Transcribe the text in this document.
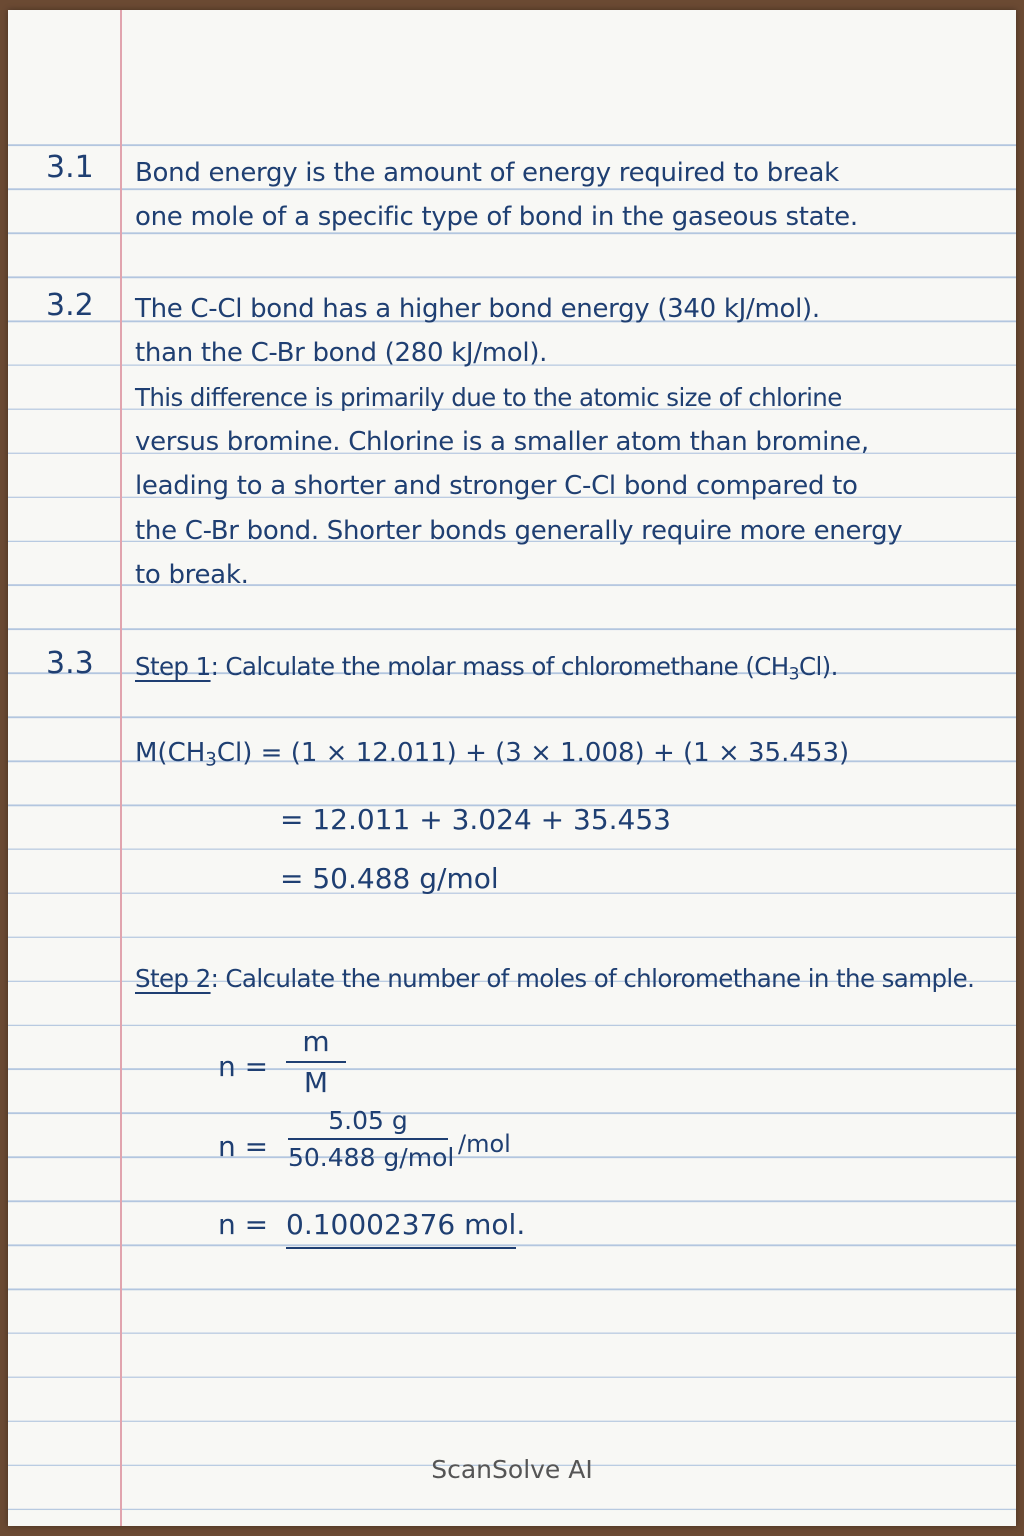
3.1 Bond energy is the amount of energy required to break
one mole of a specific type of bond in the gaseous state.
3.2 The C-Cl bond has a higher bond energy (340 kJ/mol).
than the C-Br bond (280 kJ/mol).
This difference is primarily due to the atomic size of chlorine
versus bromine. Chlorine is a smaller atom than bromine,
leading to a shorter and stronger C-Cl bond compared to
the C-Br bond. Shorter bonds generally require more energy
to break.
3.3 Step 1: Calculate the molar mass of chloromethane $(CH_3Cl)$.
$M(CH_3Cl) = (1 \times 12.011) + (3 \times 1.008) + (1 \times 35.453)$
= 12.011 + 3.024 + 35.453
= 50.488 g/mol
Step 2: Calculate the number of moles of chloromethane in the sample.
n =
m
M
n =
5.05 g
50.488 g/mol /mol
n = 0.10002376 mol.
ScanSolve AI
